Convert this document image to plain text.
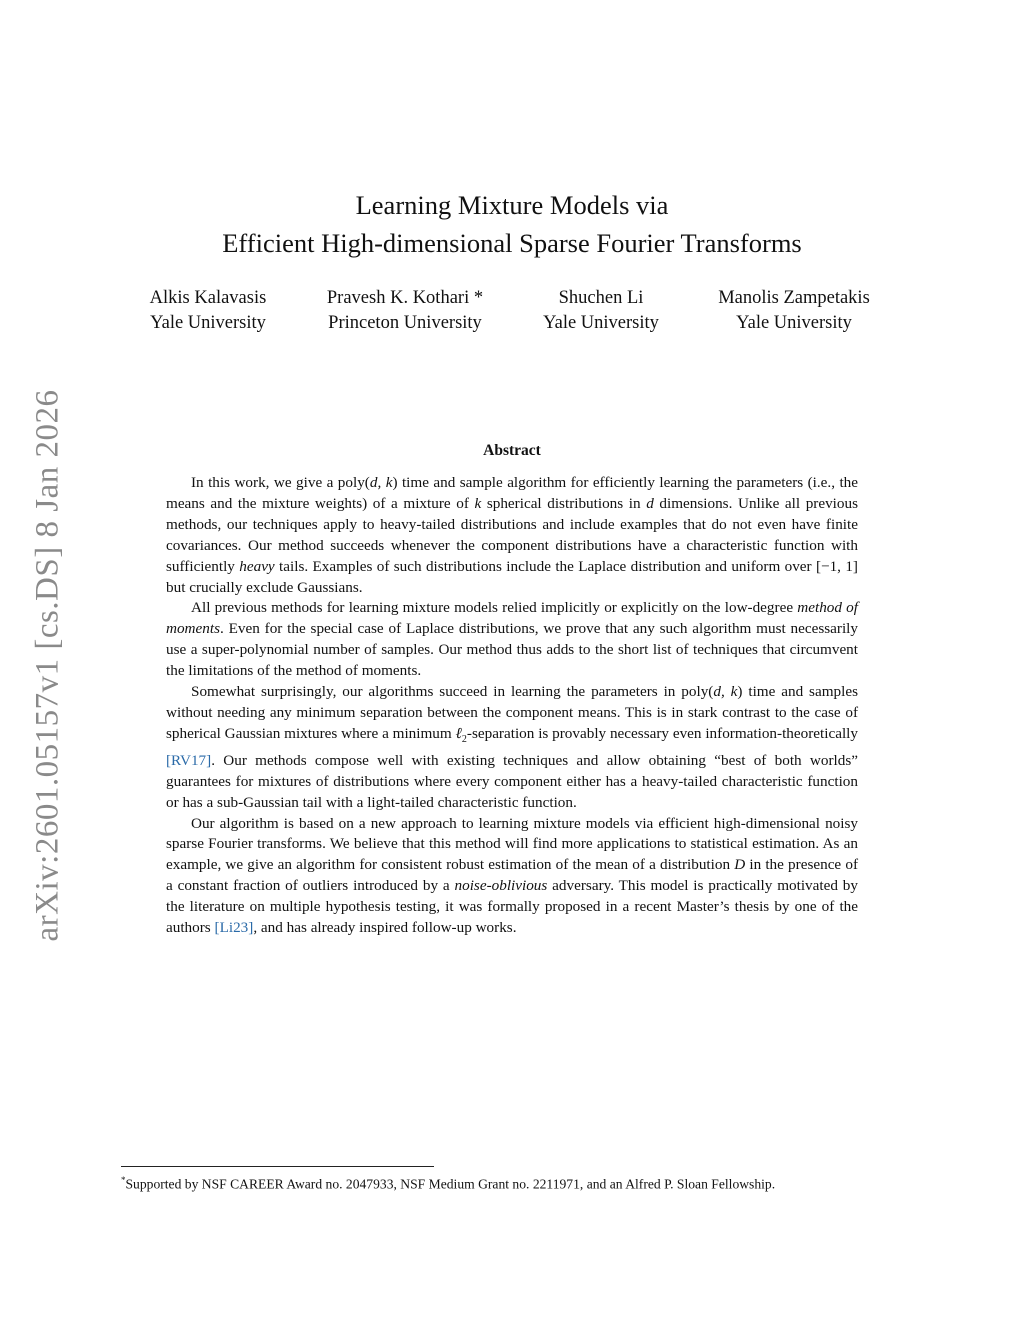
arXiv:2601.05157v1 [cs.DS] 8 Jan 2026
Learning Mixture Models via
Efficient High-dimensional Sparse Fourier Transforms
Alkis Kalavasis
Yale University
Pravesh K. Kothari *
Princeton University
Shuchen Li
Yale University
Manolis Zampetakis
Yale University
Abstract

In this work, we give a poly(d, k) time and sample algorithm for efficiently learning the parameters (i.e., the means and the mixture weights) of a mixture of k spherical distributions in d dimensions. Unlike all previous methods, our techniques apply to heavy-tailed distributions and include examples that do not even have finite covariances. Our method succeeds whenever the component distributions have a characteristic function with sufficiently heavy tails. Examples of such distributions include the Laplace distribution and uniform over [−1, 1] but crucially exclude Gaussians.

All previous methods for learning mixture models relied implicitly or explicitly on the low-degree method of moments. Even for the special case of Laplace distributions, we prove that any such algorithm must necessarily use a super-polynomial number of samples. Our method thus adds to the short list of techniques that circumvent the limitations of the method of moments.

Somewhat surprisingly, our algorithms succeed in learning the parameters in poly(d, k) time and samples without needing any minimum separation between the component means. This is in stark contrast to the case of spherical Gaussian mixtures where a minimum ℓ$_2$-separation is provably necessary even information-theoretically [RV17]. Our methods compose well with existing techniques and allow obtaining “best of both worlds” guarantees for mixtures of distributions where every component either has a heavy-tailed characteristic function or has a sub-Gaussian tail with a light-tailed characteristic function.

Our algorithm is based on a new approach to learning mixture models via efficient high-dimensional noisy sparse Fourier transforms. We believe that this method will find more applications to statistical estimation. As an example, we give an algorithm for consistent robust estimation of the mean of a distribution D in the presence of a constant fraction of outliers introduced by a noise-oblivious adversary. This model is practically motivated by the literature on multiple hypothesis testing, it was formally proposed in a recent Master’s thesis by one of the authors [Li23], and has already inspired follow-up works.

*Supported by NSF CAREER Award no. 2047933, NSF Medium Grant no. 2211971, and an Alfred P. Sloan Fellowship.
